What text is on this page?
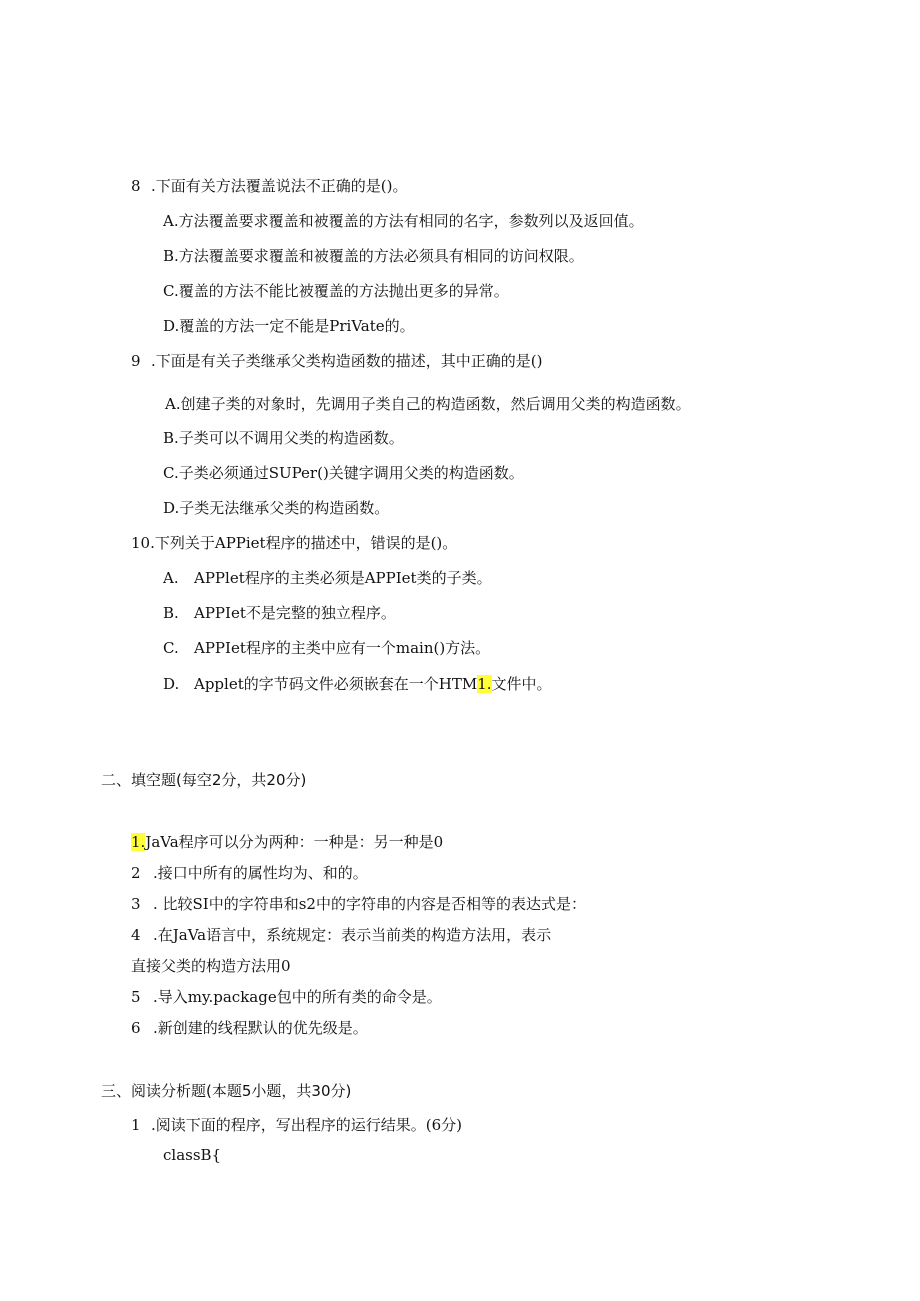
8 .下面有关方法覆盖说法不正确的是()。
A.方法覆盖要求覆盖和被覆盖的方法有相同的名字，参数列以及返回值。
B.方法覆盖要求覆盖和被覆盖的方法必须具有相同的访问权限。
C.覆盖的方法不能比被覆盖的方法抛出更多的异常。
D.覆盖的方法一定不能是PriVate的。
9 .下面是有关子类继承父类构造函数的描述，其中正确的是()
A.创建子类的对象时，先调用子类自己的构造函数，然后调用父类的构造函数。
B.子类可以不调用父类的构造函数。
C.子类必须通过SUPer()关键字调用父类的构造函数。
D.子类无法继承父类的构造函数。
10.下列关于APPiet程序的描述中，错误的是()。
A. APPlet程序的主类必须是APPIet类的子类。
B. APPIet不是完整的独立程序。
C. APPIet程序的主类中应有一个main()方法。
D. Applet的字节码文件必须嵌套在一个HTM1.文件中。
二、填空题(每空2分，共20分)
1.JaVa程序可以分为两种：一种是：另一种是0
2 .接口中所有的属性均为、和的。
3 . 比较SI中的字符串和s2中的字符串的内容是否相等的表达式是：
4 .在JaVa语言中，系统规定：表示当前类的构造方法用，表示
直接父类的构造方法用0
5 .导入my.package包中的所有类的命令是。
6 .新创建的线程默认的优先级是。
三、阅读分析题(本题5小题，共30分)
1 .阅读下面的程序，写出程序的运行结果。(6分)
classB{
